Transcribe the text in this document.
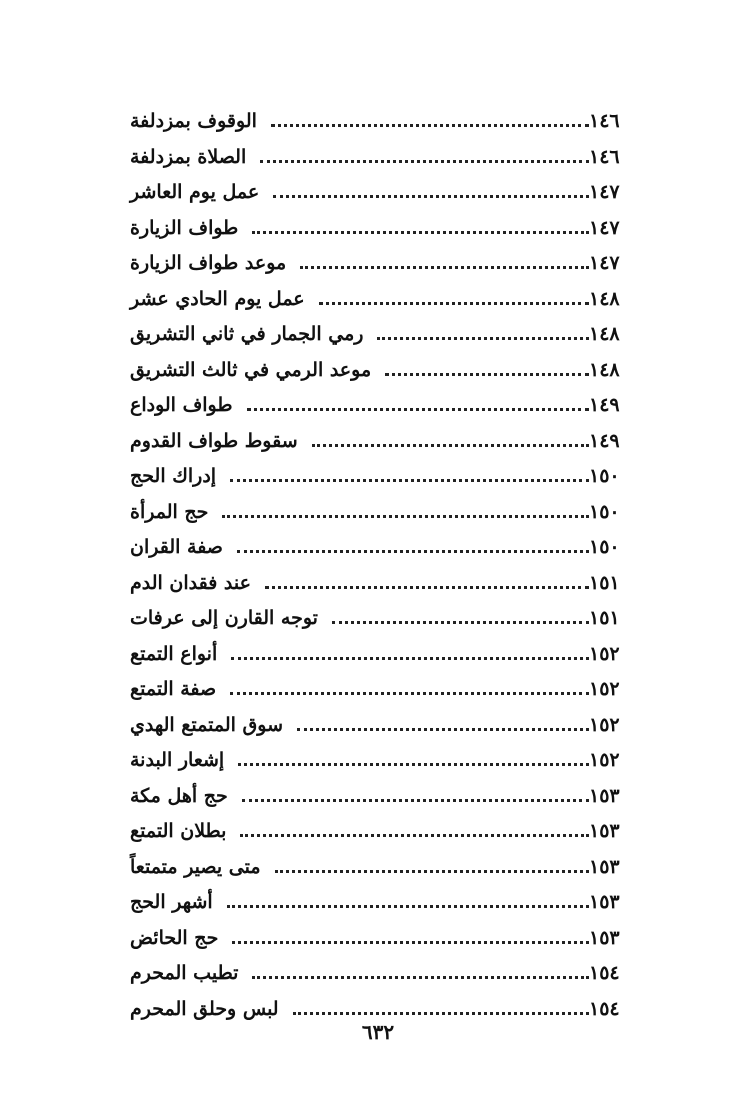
الوقوف بمزدلفة	١٤٦
الصلاة بمزدلفة	١٤٦
عمل يوم العاشر	١٤٧
طواف الزيارة	١٤٧
موعد طواف الزيارة	١٤٧
عمل يوم الحادي عشر	١٤٨
رمي الجمار في ثاني التشريق	١٤٨
موعد الرمي في ثالث التشريق	١٤٨
طواف الوداع	١٤٩
سقوط طواف القدوم	١٤٩
إدراك الحج	١٥٠
حج المرأة	١٥٠
صفة القران	١٥٠
عند فقدان الدم	١٥١
توجه القارن إلى عرفات	١٥١
أنواع التمتع	١٥٢
صفة التمتع	١٥٢
سوق المتمتع الهدي	١٥٢
إشعار البدنة	١٥٢
حج أهل مكة	١٥٣
بطلان التمتع	١٥٣
متى يصير متمتعاً	١٥٣
أشهر الحج	١٥٣
حج الحائض	١٥٣
تطيب المحرم	١٥٤
لبس وحلق المحرم	١٥٤
٦٣٢
